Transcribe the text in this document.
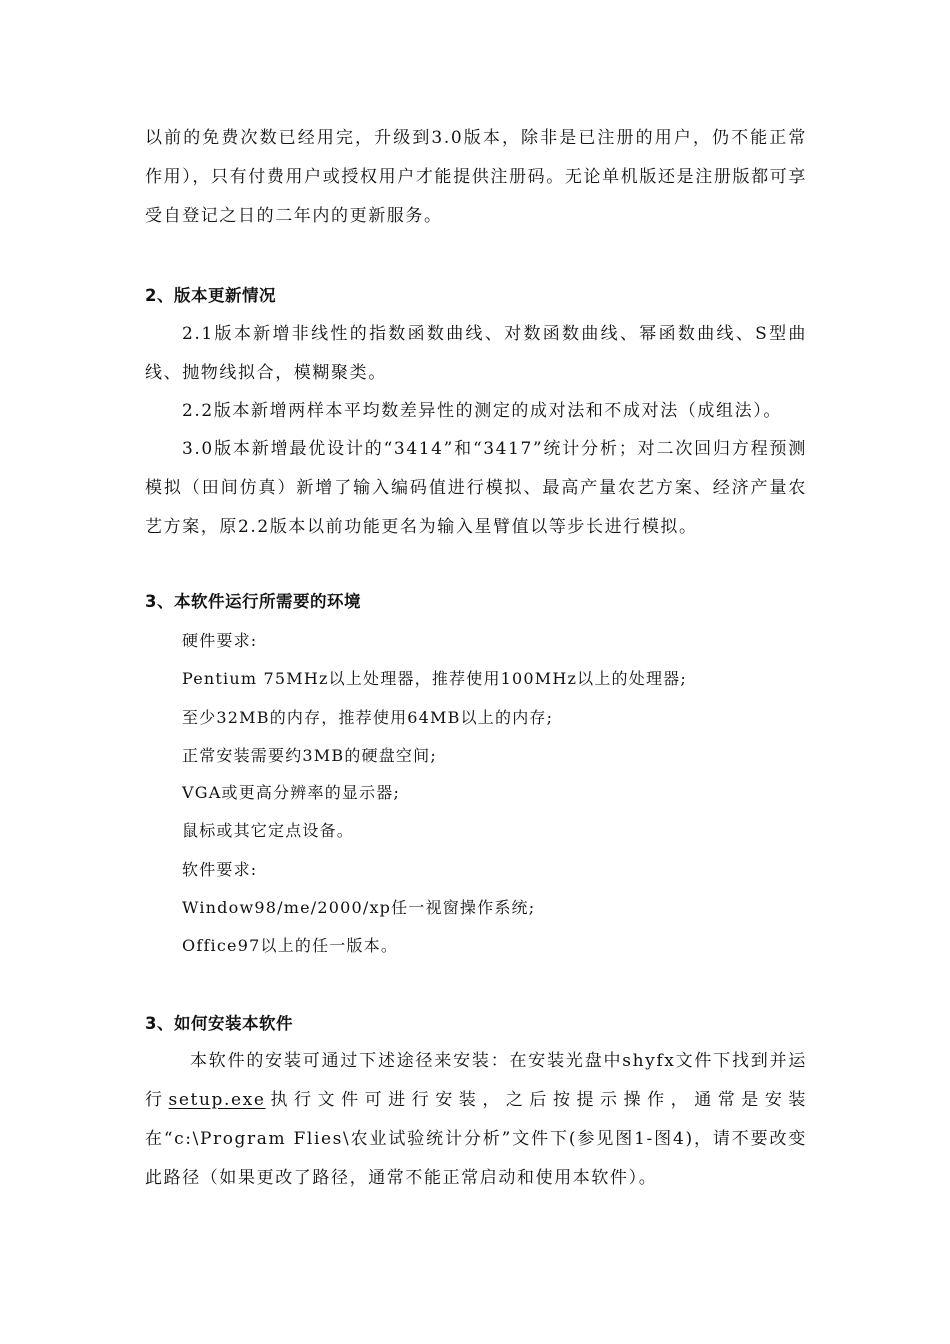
以前的免费次数已经用完，升级到3.0版本，除非是已注册的用户，仍不能正常作用），只有付费用户或授权用户才能提供注册码。无论单机版还是注册版都可享受自登记之日的二年内的更新服务。

2、版本更新情况

2.1版本新增非线性的指数函数曲线、对数函数曲线、幂函数曲线、S型曲线、抛物线拟合，模糊聚类。

2.2版本新增两样本平均数差异性的测定的成对法和不成对法（成组法）。

3.0版本新增最优设计的“3414”和“3417”统计分析；对二次回归方程预测模拟（田间仿真）新增了输入编码值进行模拟、最高产量农艺方案、经济产量农艺方案，原2.2版本以前功能更名为输入星臂值以等步长进行模拟。

3、本软件运行所需要的环境

硬件要求:

Pentium 75MHz以上处理器，推荐使用100MHz以上的处理器;

至少32MB的内存，推荐使用64MB以上的内存;

正常安装需要约3MB的硬盘空间;

VGA或更高分辨率的显示器;

鼠标或其它定点设备。

软件要求:

Window98/me/2000/xp任一视窗操作系统;

Office97以上的任一版本。

3、如何安装本软件

本软件的安装可通过下述途径来安装：在安装光盘中shyfx文件下找到并运行setup.exe执行文件可进行安装，之后按提示操作，通常是安装在“c:\Program Flies\农业试验统计分析”文件下(参见图1-图4)，请不要改变此路径（如果更改了路径，通常不能正常启动和使用本软件）。
